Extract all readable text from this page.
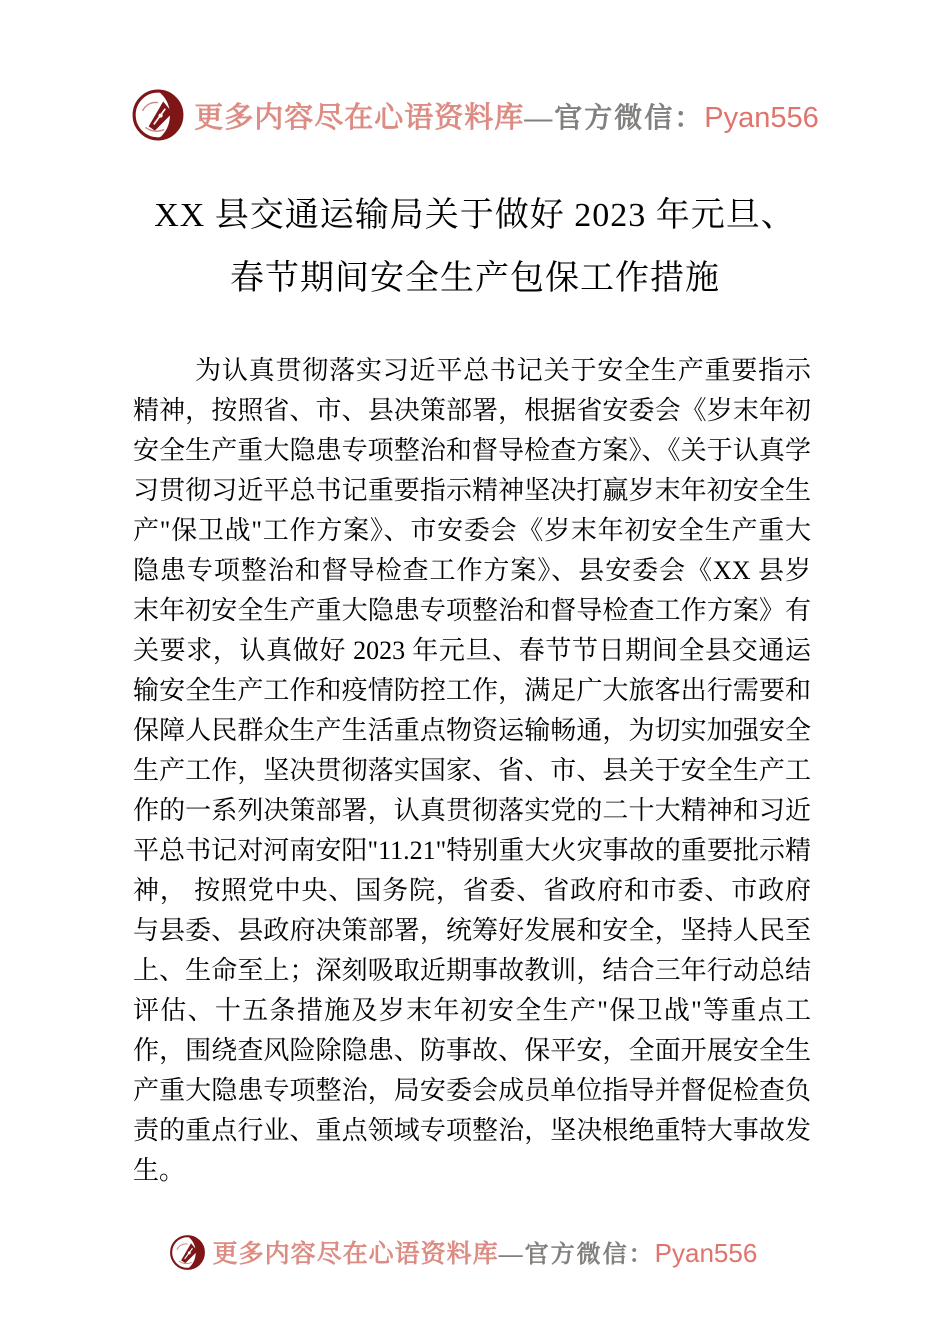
更多内容尽在心语资料库 — 官方微信： Pyan556
XX 县交通运输局关于做好 2023 年元旦、
春节期间安全生产包保工作措施

为认真贯彻落实习近平总书记关于安全生产重要指示精神，按照省、市、县决策部署，根据省安委会《岁末年初安全生产重大隐患专项整治和督导检查方案》、《关于认真学习贯彻习近平总书记重要指示精神坚决打赢岁末年初安全生产"保卫战"工作方案》、市安委会《岁末年初安全生产重大隐患专项整治和督导检查工作方案》、县安委会《XX 县岁末年初安全生产重大隐患专项整治和督导检查工作方案》有关要求，认真做好 2023 年元旦、春节节日期间全县交通运输安全生产工作和疫情防控工作，满足广大旅客出行需要和保障人民群众生产生活重点物资运输畅通，为切实加强安全生产工作，坚决贯彻落实国家、省、市、县关于安全生产工作的一系列决策部署，认真贯彻落实党的二十大精神和习近平总书记对河南安阳"11.21"特别重大火灾事故的重要批示精神， 按照党中央、国务院，省委、省政府和市委、市政府与县委、县政府决策部署，统筹好发展和安全，坚持人民至上、生命至上；深刻吸取近期事故教训，结合三年行动总结评估、十五条措施及岁末年初安全生产"保卫战"等重点工作，围绕查风险除隐患、防事故、保平安，全面开展安全生产重大隐患专项整治，局安委会成员单位指导并督促检查负责的重点行业、重点领域专项整治，坚决根绝重特大事故发生。

更多内容尽在心语资料库 — 官方微信： Pyan556
